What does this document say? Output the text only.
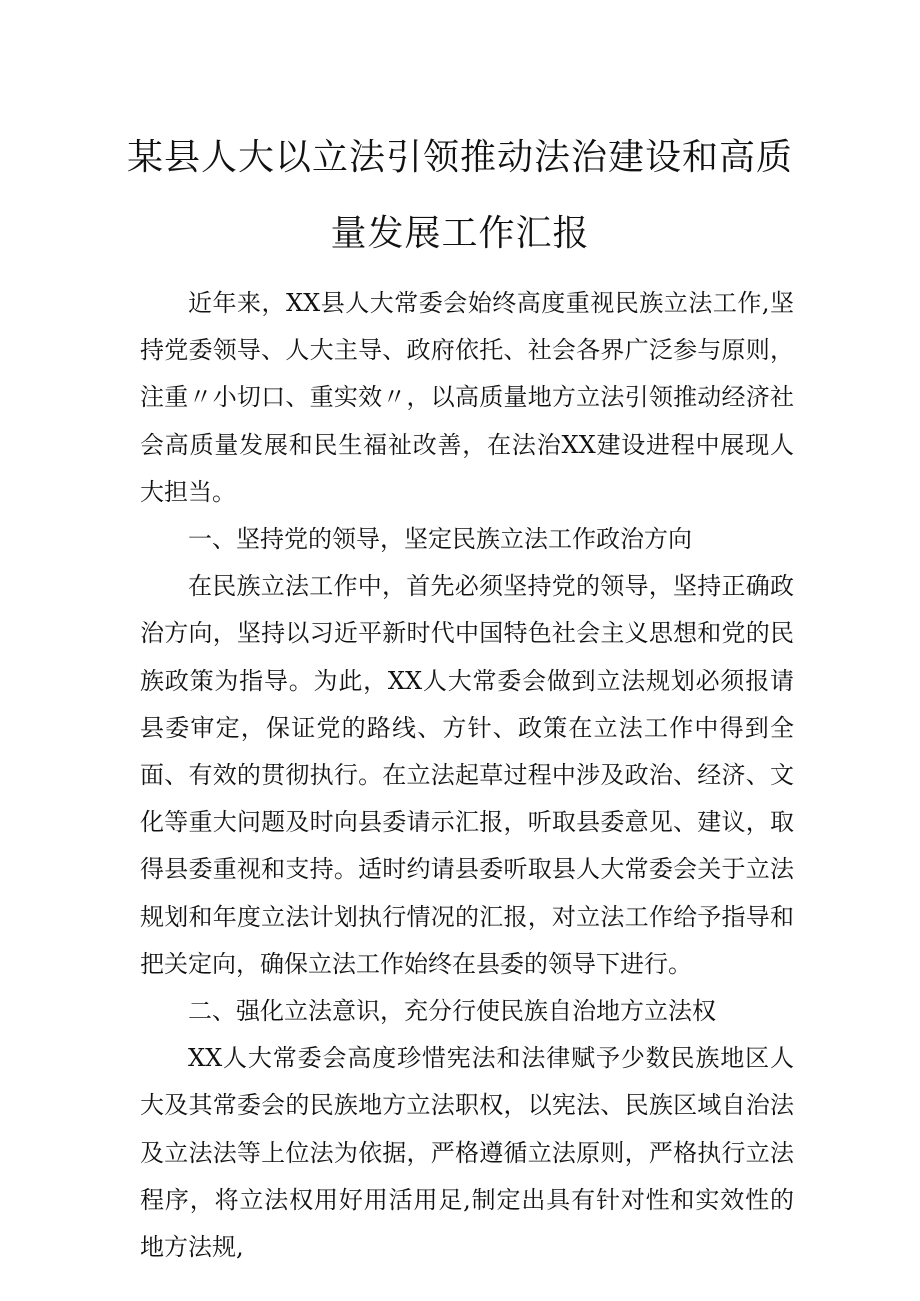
某县人大以立法引领推动法治建设和高质
量发展工作汇报

近年来，XX县人大常委会始终高度重视民族立法工作,坚持党委领导、人大主导、政府依托、社会各界广泛参与原则，注重〃小切口、重实效〃，以高质量地方立法引领推动经济社会高质量发展和民生福祉改善，在法治XX建设进程中展现人大担当。

一、坚持党的领导，坚定民族立法工作政治方向

在民族立法工作中，首先必须坚持党的领导，坚持正确政治方向，坚持以习近平新时代中国特色社会主义思想和党的民族政策为指导。为此，XX人大常委会做到立法规划必须报请县委审定，保证党的路线、方针、政策在立法工作中得到全面、有效的贯彻执行。在立法起草过程中涉及政治、经济、文化等重大问题及时向县委请示汇报，听取县委意见、建议，取得县委重视和支持。适时约请县委听取县人大常委会关于立法规划和年度立法计划执行情况的汇报，对立法工作给予指导和把关定向，确保立法工作始终在县委的领导下进行。

二、强化立法意识，充分行使民族自治地方立法权

XX人大常委会高度珍惜宪法和法律赋予少数民族地区人大及其常委会的民族地方立法职权，以宪法、民族区域自治法及立法法等上位法为依据，严格遵循立法原则，严格执行立法程序，将立法权用好用活用足,制定出具有针对性和实效性的地方法规,
